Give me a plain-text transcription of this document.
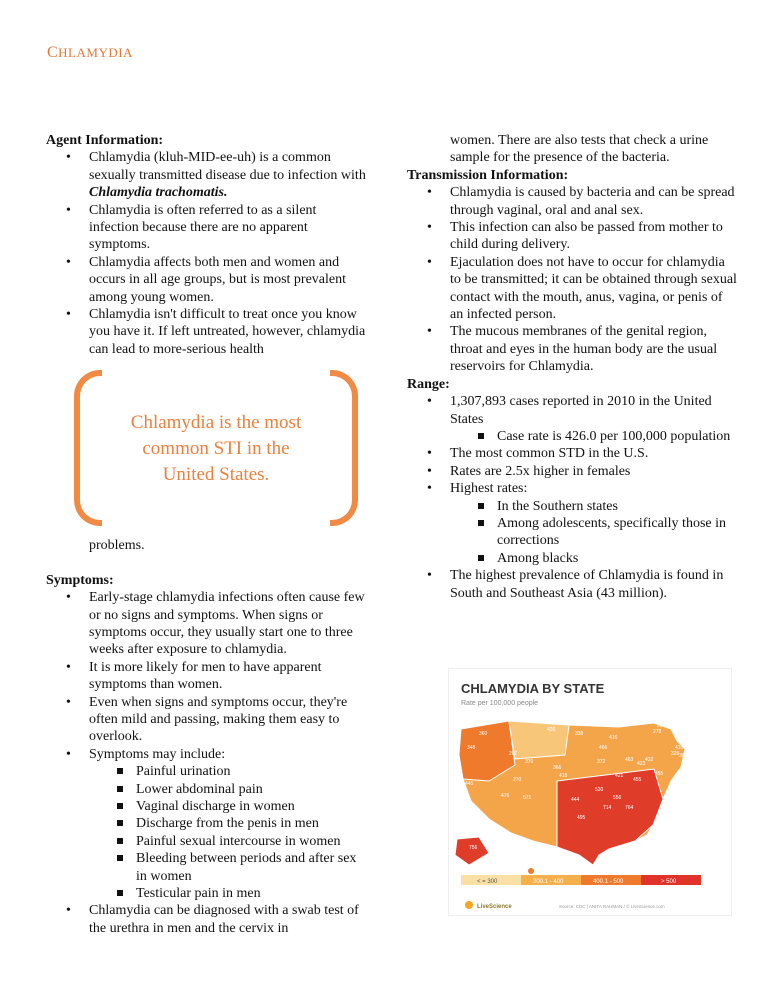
CHLAMYDIA

Agent Information:

• Chlamydia (kluh-MID-ee-uh) is a common sexually transmitted disease due to infection with Chlamydia trachomatis.
• Chlamydia is often referred to as a silent infection because there are no apparent symptoms.
• Chlamydia affects both men and women and occurs in all age groups, but is most prevalent among young women.
• Chlamydia isn't difficult to treat once you know you have it. If left untreated, however, chlamydia can lead to more-serious health
problems.

Symptoms:

• Early-stage chlamydia infections often cause few or no signs and symptoms. When signs or symptoms occur, they usually start one to three weeks after exposure to chlamydia.
• It is more likely for men to have apparent symptoms than women.
• Even when signs and symptoms occur, they're often mild and passing, making them easy to overlook.
• Symptoms may include:
Painful urination
Lower abdominal pain
Vaginal discharge in women
Discharge from the penis in men
Painful sexual intercourse in women
Bleeding between periods and after sex in women
Testicular pain in men
• Chlamydia can be diagnosed with a swab test of the urethra in men and the cervix in
Chlamydia is the most
common STI in the
United States.
women. There are also tests that check a urine sample for the presence of the bacteria.

Transmission Information:

• Chlamydia is caused by bacteria and can be spread through vaginal, oral and anal sex.
• This infection can also be passed from mother to child during delivery.
• Ejaculation does not have to occur for chlamydia to be transmitted; it can be obtained through sexual contact with the mouth, anus, vagina, or penis of an infected person.
• The mucous membranes of the genital region, throat and eyes in the human body are the usual reservoirs for Chlamydia.

Range:

• 1,307,893 cases reported in 2010 in the United States
Case rate is 426.0 per 100,000 population
• The most common STD in the U.S.
• Rates are 2.5x higher in females
• Highest rates:
In the Southern states
Among adolescents, specifically those in corrections
Among blacks
• The highest prevalence of Chlamydia is found in South and Southeast Asia (43 million).
CHLAMYDIA BY STATE
Rate per 100,000 people
360
348
426
338
287
370
466
416
463
278
257
233
258
410
326 366
432
423
270
366
372
421	455
445
418
455
476	571	444
530
1102
495
714
556
764
756
481
< = 300	300.1 - 400	400.1 - 500	> 500
LiveScience	Source: CDC | ANITA RAHMAN / © LiveScience.com
